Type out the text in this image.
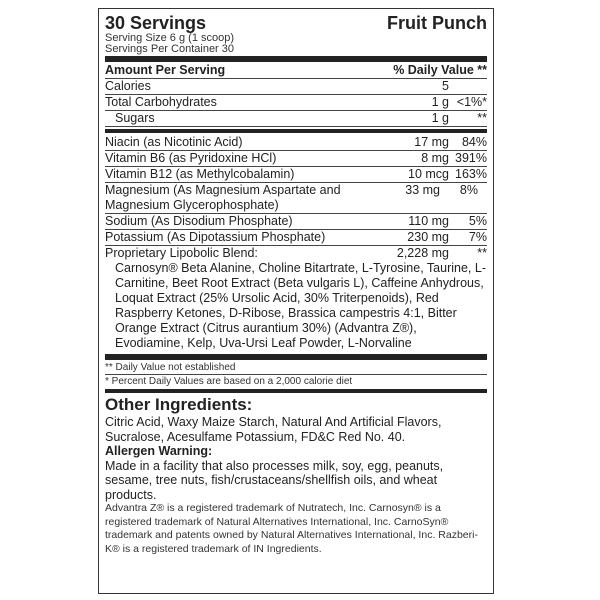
30 Servings	Fruit Punch
Serving Size 6 g (1 scoop)
Servings Per Container 30
Amount Per Serving	% Daily Value **
Calories	5
Total Carbohydrates	1 g <1%*
Sugars	1 g	**
Niacin (as Nicotinic Acid)	17 mg	84%
Vitamin B6 (as Pyridoxine HCl)	8 mg 391%
Vitamin B12 (as Methylcobalamin)	10 mcg 163%
Magnesium (As Magnesium Aspartate and Magnesium Glycerophosphate)
33 mg	8%
Sodium (As Disodium Phosphate)	110 mg	5%
Potassium (As Dipotassium Phosphate)	230 mg	7%
Proprietary Lipobolic Blend:	2,228 mg	**
Carnosyn® Beta Alanine, Choline Bitartrate, L-Tyrosine, Taurine, L-Carnitine, Beet Root Extract (Beta vulgaris L), Caffeine Anhydrous, Loquat Extract (25% Ursolic Acid, 30% Triterpenoids), Red Raspberry Ketones, D-Ribose, Brassica campestris 4:1, Bitter Orange Extract (Citrus aurantium 30%) (Advantra Z®), Evodiamine, Kelp, Uva-Ursi Leaf Powder, L-Norvaline
** Daily Value not established
* Percent Daily Values are based on a 2,000 calorie diet
Other Ingredients:
Citric Acid, Waxy Maize Starch, Natural And Artificial Flavors, Sucralose, Acesulfame Potassium, FD&C Red No. 40.
Allergen Warning:
Made in a facility that also processes milk, soy, egg, peanuts, sesame, tree nuts, fish/crustaceans/shellfish oils, and wheat products.
Advantra Z® is a registered trademark of Nutratech, Inc. Carnosyn® is a registered trademark of Natural Alternatives International, Inc. CarnoSyn® trademark and patents owned by Natural Alternatives International, Inc. Razberi-K® is a registered trademark of IN Ingredients.
